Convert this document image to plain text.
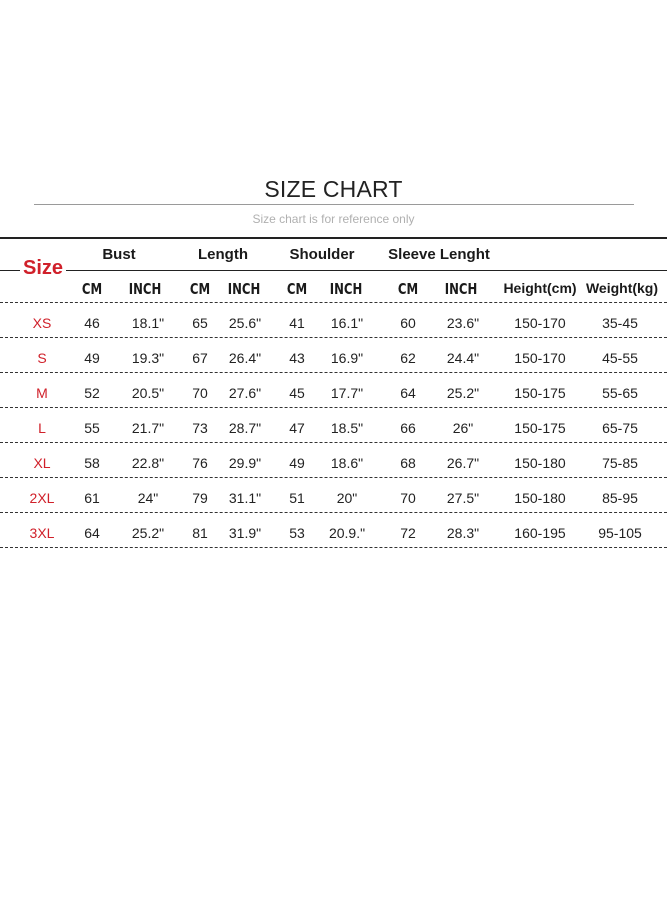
SIZE CHART
Size chart is for reference only
Bust	Length	Shoulder Sleeve Lenght
Size
CM INCH CM INCH CM INCH CM INCH Height(cm) Weight(kg)
XS 46 18.1" 65 25.6" 41 16.1"	60 23.6"	150-170	35-45
S	49 19.3" 67 26.4" 43 16.9"	62 24.4"	150-170	45-55
M	52 20.5" 70 27.6" 45 17.7"	64 25.2"	150-175	55-65
L	55 21.7" 73 28.7" 47 18.5"	66	26"	150-175	65-75
XL 58 22.8" 76 29.9" 49 18.6"	68 26.7"	150-180	75-85
2XL 61	24" 79 31.1" 51 20"	70 27.5"	150-180	85-95
3XL 64 25.2" 81 31.9" 53 20.9."	72 28.3"	160-195 95-105
